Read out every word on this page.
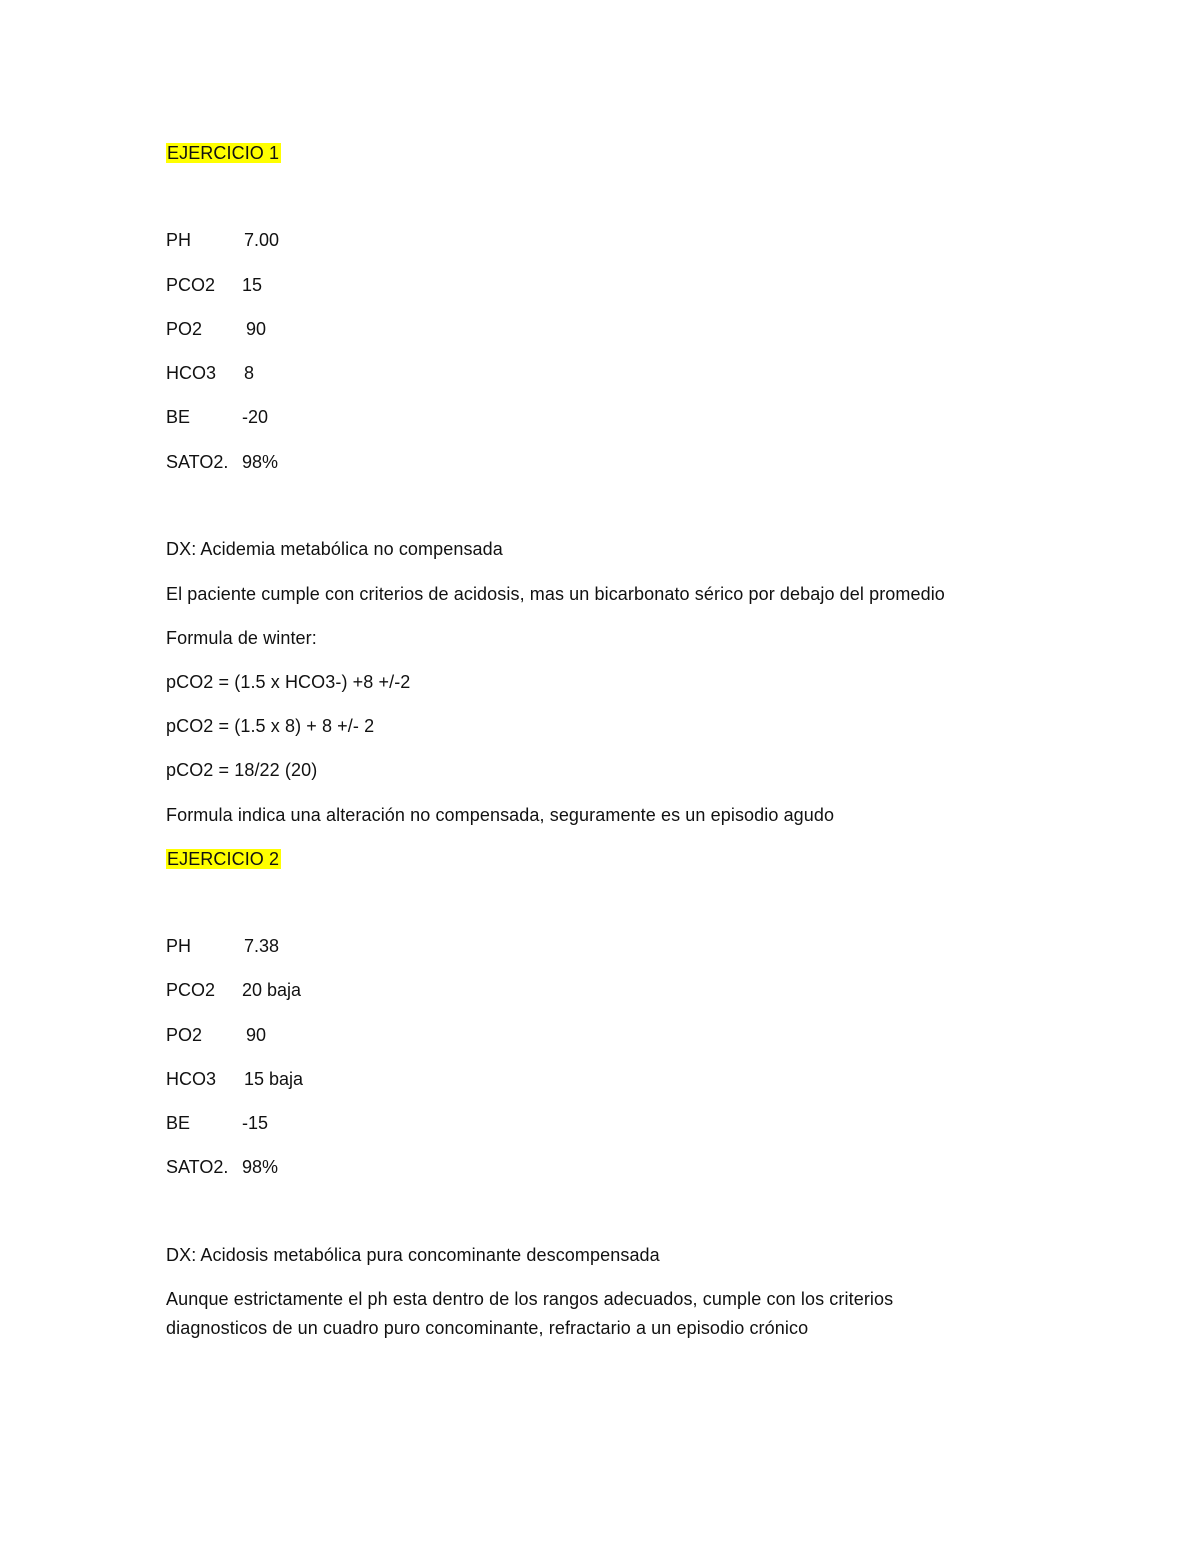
EJERCICIO 1
PH	7.00
PCO2 15
PO2 90
HCO3 8
BE	-20
SATO2. 98%
DX: Acidemia metabólica no compensada
El paciente cumple con criterios de acidosis, mas un bicarbonato sérico por debajo del promedio
Formula de winter:
pCO2 = (1.5 x HCO3-) +8 +/-2
pCO2 = (1.5 x 8) + 8 +/- 2
pCO2 = 18/22 (20)
Formula indica una alteración no compensada, seguramente es un episodio agudo
EJERCICIO 2
PH	7.38
PCO2 20 baja
PO2 90
HCO3 15 baja
BE	-15
SATO2. 98%
DX: Acidosis metabólica pura concominante descompensada
Aunque estrictamente el ph esta dentro de los rangos adecuados, cumple con los criterios
diagnosticos de un cuadro puro concominante, refractario a un episodio crónico
